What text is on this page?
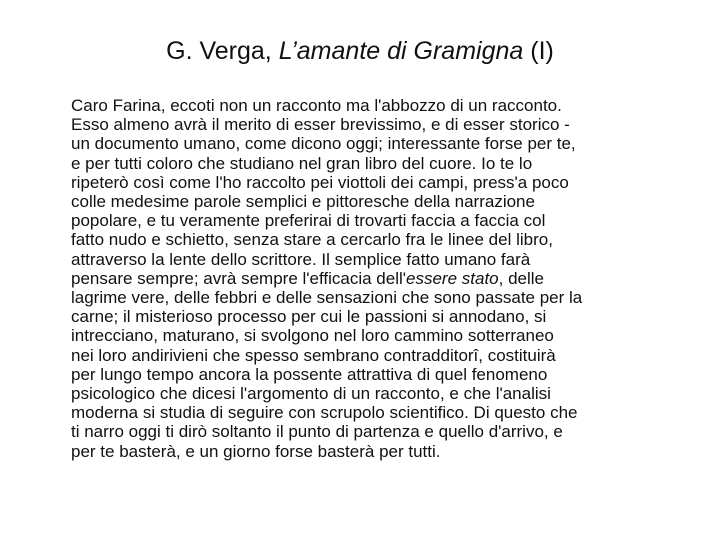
G. Verga, L’amante di Gramigna (I)
Caro Farina, eccoti non un racconto ma l'abbozzo di un racconto.
Esso almeno avrà il merito di esser brevissimo, e di esser storico -
un documento umano, come dicono oggi; interessante forse per te,
e per tutti coloro che studiano nel gran libro del cuore. Io te lo
ripeterò così come l'ho raccolto pei viottoli dei campi, press'a poco
colle medesime parole semplici e pittoresche della narrazione
popolare, e tu veramente preferirai di trovarti faccia a faccia col
fatto nudo e schietto, senza stare a cercarlo fra le linee del libro,
attraverso la lente dello scrittore. Il semplice fatto umano farà
pensare sempre; avrà sempre l'efficacia dell'essere stato, delle
lagrime vere, delle febbri e delle sensazioni che sono passate per la
carne; il misterioso processo per cui le passioni si annodano, si
intrecciano, maturano, si svolgono nel loro cammino sotterraneo
nei loro andirivieni che spesso sembrano contradditorî, costituirà
per lungo tempo ancora la possente attrattiva di quel fenomeno
psicologico che dicesi l'argomento di un racconto, e che l'analisi
moderna si studia di seguire con scrupolo scientifico. Di questo che
ti narro oggi ti dirò soltanto il punto di partenza e quello d'arrivo, e
per te basterà, e un giorno forse basterà per tutti.
